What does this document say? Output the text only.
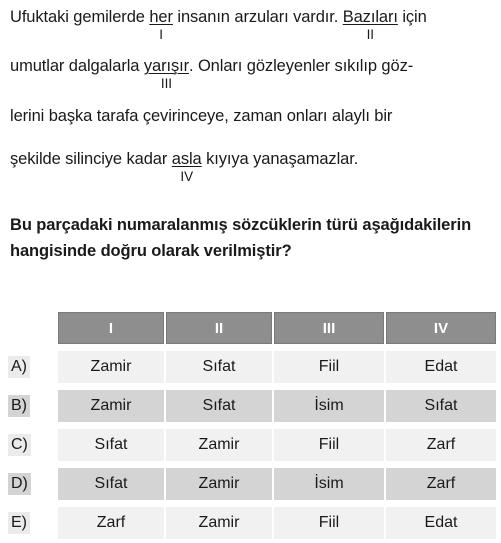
Ufuktaki gemilerde her
I
insanın arzuları vardır. Bazıları
II
için
umutlar dalgalarla yarışır
III
. Onları gözleyenler sıkılıp göz-
lerini başka tarafa çevirinceye, zaman onları alaylı bir
şekilde silinciye kadar asla
IV
kıyıya yanaşamazlar.
Bu parçadaki numaralanmış sözcüklerin türü aşağıdakilerin hangisinde doğru olarak verilmiştir?
I	II	III	IV
A)	Zamir	Sıfat	Fiil	Edat
B)	Zamir	Sıfat	İsim	Sıfat
C)	Sıfat	Zamir	Fiil	Zarf
D)	Sıfat	Zamir	İsim	Zarf
E)	Zarf	Zamir	Fiil	Edat
